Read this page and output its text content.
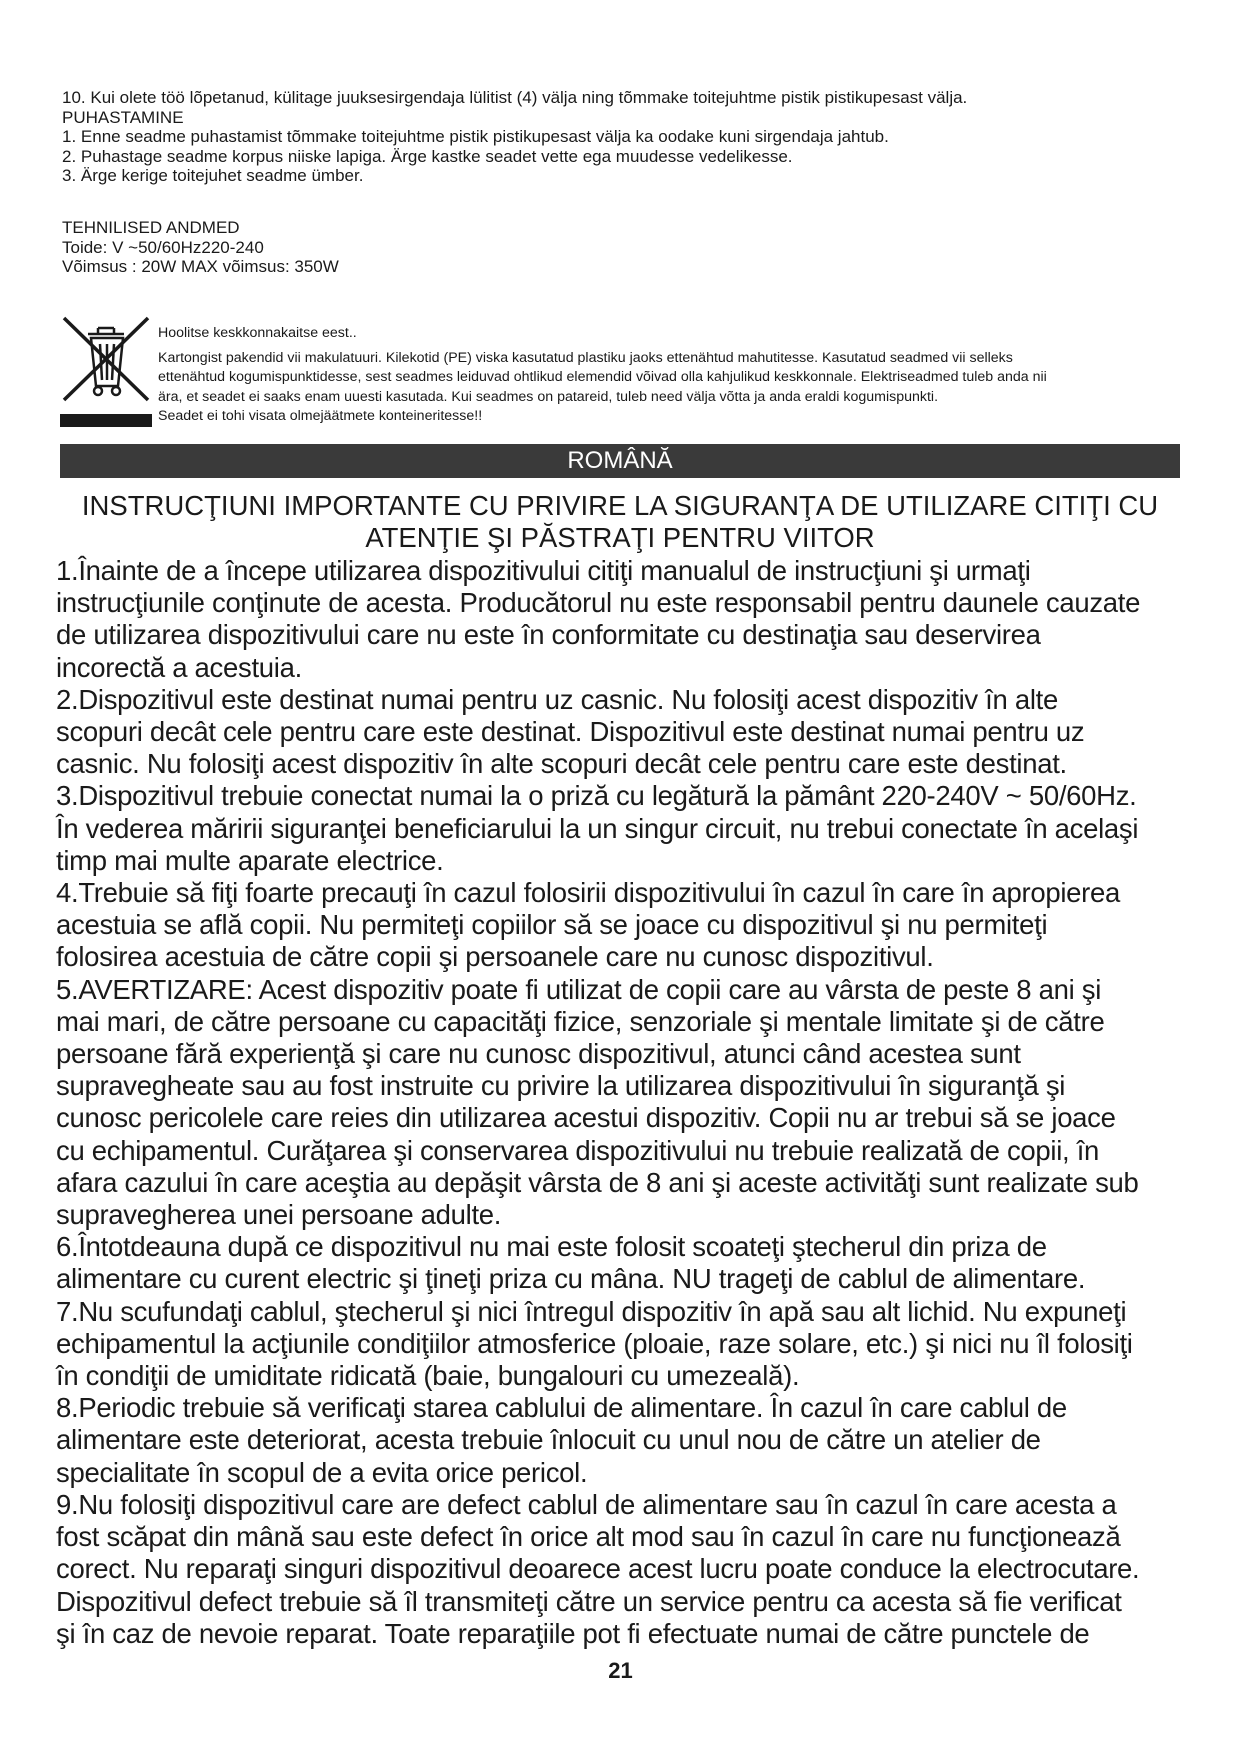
10. Kui olete töö lõpetanud, külitage juuksesirgendaja lülitist (4) välja ning tõmmake toitejuhtme pistik pistikupesast välja.
PUHASTAMINE
1. Enne seadme puhastamist tõmmake toitejuhtme pistik pistikupesast välja ka oodake kuni sirgendaja jahtub.
2. Puhastage seadme korpus niiske lapiga. Ärge kastke seadet vette ega muudesse vedelikesse.
3. Ärge kerige toitejuhet seadme ümber.
TEHNILISED ANDMED
Toide: V ~50/60Hz220-240
Võimsus : 20W MAX võimsus: 350W
Hoolitse keskkonnakaitse eest..
Kartongist pakendid vii makulatuuri. Kilekotid (PE) viska kasutatud plastiku jaoks ettenähtud mahutitesse. Kasutatud seadmed vii selleks
ettenähtud kogumispunktidesse, sest seadmes leiduvad ohtlikud elemendid võivad olla kahjulikud keskkonnale. Elektriseadmed tuleb anda nii
ära, et seadet ei saaks enam uuesti kasutada. Kui seadmes on patareid, tuleb need välja võtta ja anda eraldi kogumispunkti.
Seadet ei tohi visata olmejäätmete konteineritesse!!
ROMÂNĂ
INSTRUCŢIUNI IMPORTANTE CU PRIVIRE LA SIGURANŢA DE UTILIZARE CITIŢI CU
ATENŢIE ŞI PĂSTRAŢI PENTRU VIITOR
1.Înainte de a începe utilizarea dispozitivului citiţi manualul de instrucţiuni şi urmaţi
instrucţiunile conţinute de acesta. Producătorul nu este responsabil pentru daunele cauzate
de utilizarea dispozitivului care nu este în conformitate cu destinaţia sau deservirea
incorectă a acestuia.
2.Dispozitivul este destinat numai pentru uz casnic. Nu folosiţi acest dispozitiv în alte
scopuri decât cele pentru care este destinat. Dispozitivul este destinat numai pentru uz
casnic. Nu folosiţi acest dispozitiv în alte scopuri decât cele pentru care este destinat.
3.Dispozitivul trebuie conectat numai la o priză cu legătură la pământ 220-240V ~ 50/60Hz.
În vederea măririi siguranţei beneficiarului la un singur circuit, nu trebui conectate în acelaşi
timp mai multe aparate electrice.
4.Trebuie să fiţi foarte precauţi în cazul folosirii dispozitivului în cazul în care în apropierea
acestuia se află copii. Nu permiteţi copiilor să se joace cu dispozitivul şi nu permiteţi
folosirea acestuia de către copii şi persoanele care nu cunosc dispozitivul.
5.AVERTIZARE: Acest dispozitiv poate fi utilizat de copii care au vârsta de peste 8 ani şi
mai mari, de către persoane cu capacităţi fizice, senzoriale şi mentale limitate şi de către
persoane fără experienţă şi care nu cunosc dispozitivul, atunci când acestea sunt
supravegheate sau au fost instruite cu privire la utilizarea dispozitivului în siguranţă şi
cunosc pericolele care reies din utilizarea acestui dispozitiv. Copii nu ar trebui să se joace
cu echipamentul. Curăţarea şi conservarea dispozitivului nu trebuie realizată de copii, în
afara cazului în care aceştia au depăşit vârsta de 8 ani şi aceste activităţi sunt realizate sub
supravegherea unei persoane adulte.
6.Întotdeauna după ce dispozitivul nu mai este folosit scoateţi ştecherul din priza de
alimentare cu curent electric şi ţineţi priza cu mâna. NU trageţi de cablul de alimentare.
7.Nu scufundaţi cablul, ştecherul şi nici întregul dispozitiv în apă sau alt lichid. Nu expuneţi
echipamentul la acţiunile condiţiilor atmosferice (ploaie, raze solare, etc.) şi nici nu îl folosiţi
în condiţii de umiditate ridicată (baie, bungalouri cu umezeală).
8.Periodic trebuie să verificaţi starea cablului de alimentare. În cazul în care cablul de
alimentare este deteriorat, acesta trebuie înlocuit cu unul nou de către un atelier de
specialitate în scopul de a evita orice pericol.
9.Nu folosiţi dispozitivul care are defect cablul de alimentare sau în cazul în care acesta a
fost scăpat din mână sau este defect în orice alt mod sau în cazul în care nu funcţionează
corect. Nu reparaţi singuri dispozitivul deoarece acest lucru poate conduce la electrocutare.
Dispozitivul defect trebuie să îl transmiteţi către un service pentru ca acesta să fie verificat
şi în caz de nevoie reparat. Toate reparaţiile pot fi efectuate numai de către punctele de
21
